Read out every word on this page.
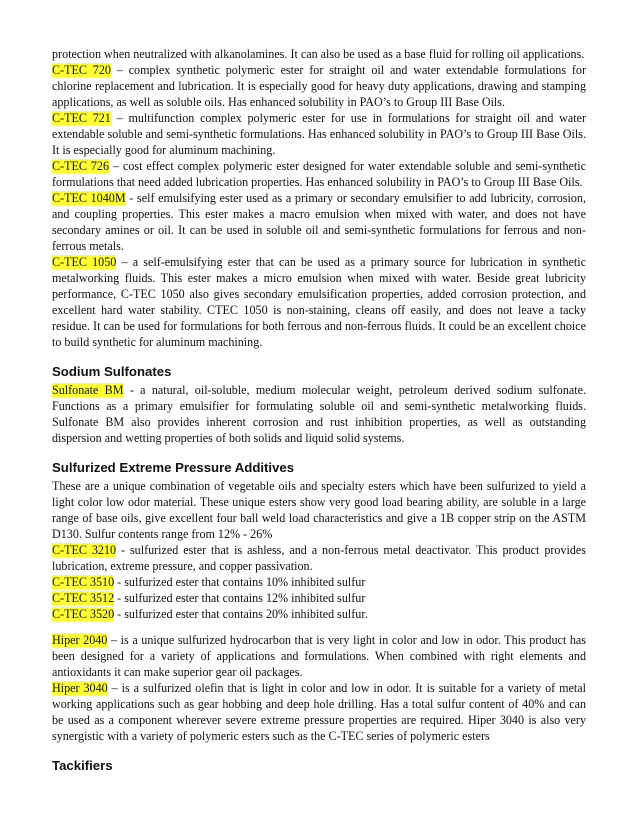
protection when neutralized with alkanolamines. It can also be used as a base fluid for rolling oil applications.

C-TEC 720 – complex synthetic polymeric ester for straight oil and water extendable formulations for chlorine replacement and lubrication. It is especially good for heavy duty applications, drawing and stamping applications, as well as soluble oils. Has enhanced solubility in PAO’s to Group III Base Oils.

C-TEC 721 – multifunction complex polymeric ester for use in formulations for straight oil and water extendable soluble and semi-synthetic formulations. Has enhanced solubility in PAO’s to Group III Base Oils. It is especially good for aluminum machining.

C-TEC 726 – cost effect complex polymeric ester designed for water extendable soluble and semi-synthetic formulations that need added lubrication properties. Has enhanced solubility in PAO’s to Group III Base Oils.

C-TEC 1040M - self emulsifying ester used as a primary or secondary emulsifier to add lubricity, corrosion, and coupling properties. This ester makes a macro emulsion when mixed with water, and does not have secondary amines or oil. It can be used in soluble oil and semi-synthetic formulations for ferrous and non- ferrous metals.

C-TEC 1050 – a self-emulsifying ester that can be used as a primary source for lubrication in synthetic metalworking fluids. This ester makes a micro emulsion when mixed with water. Beside great lubricity performance, C-TEC 1050 also gives secondary emulsification properties, added corrosion protection, and excellent hard water stability. CTEC 1050 is non-staining, cleans off easily, and does not leave a tacky residue. It can be used for formulations for both ferrous and non-ferrous fluids. It could be an excellent choice to build synthetic for aluminum machining.

Sodium Sulfonates

Sulfonate BM - a natural, oil-soluble, medium molecular weight, petroleum derived sodium sulfonate. Functions as a primary emulsifier for formulating soluble oil and semi-synthetic metalworking fluids. Sulfonate BM also provides inherent corrosion and rust inhibition properties, as well as outstanding dispersion and wetting properties of both solids and liquid solid systems.

Sulfurized Extreme Pressure Additives

These are a unique combination of vegetable oils and specialty esters which have been sulfurized to yield a light color low odor material. These unique esters show very good load bearing ability, are soluble in a large range of base oils, give excellent four ball weld load characteristics and give a 1B copper strip on the ASTM D130. Sulfur contents range from 12% - 26%

C-TEC 3210 - sulfurized ester that is ashless, and a non-ferrous metal deactivator. This product provides lubrication, extreme pressure, and copper passivation.

C-TEC 3510 - sulfurized ester that contains 10% inhibited sulfur

C-TEC 3512 - sulfurized ester that contains 12% inhibited sulfur

C-TEC 3520 - sulfurized ester that contains 20% inhibited sulfur.

Hiper 2040 – is a unique sulfurized hydrocarbon that is very light in color and low in odor. This product has been designed for a variety of applications and formulations. When combined with right elements and antioxidants it can make superior gear oil packages.

Hiper 3040 – is a sulfurized olefin that is light in color and low in odor. It is suitable for a variety of metal working applications such as gear hobbing and deep hole drilling. Has a total sulfur content of 40% and can be used as a component wherever severe extreme pressure properties are required. Hiper 3040 is also very synergistic with a variety of polymeric esters such as the C-TEC series of polymeric esters

Tackifiers
